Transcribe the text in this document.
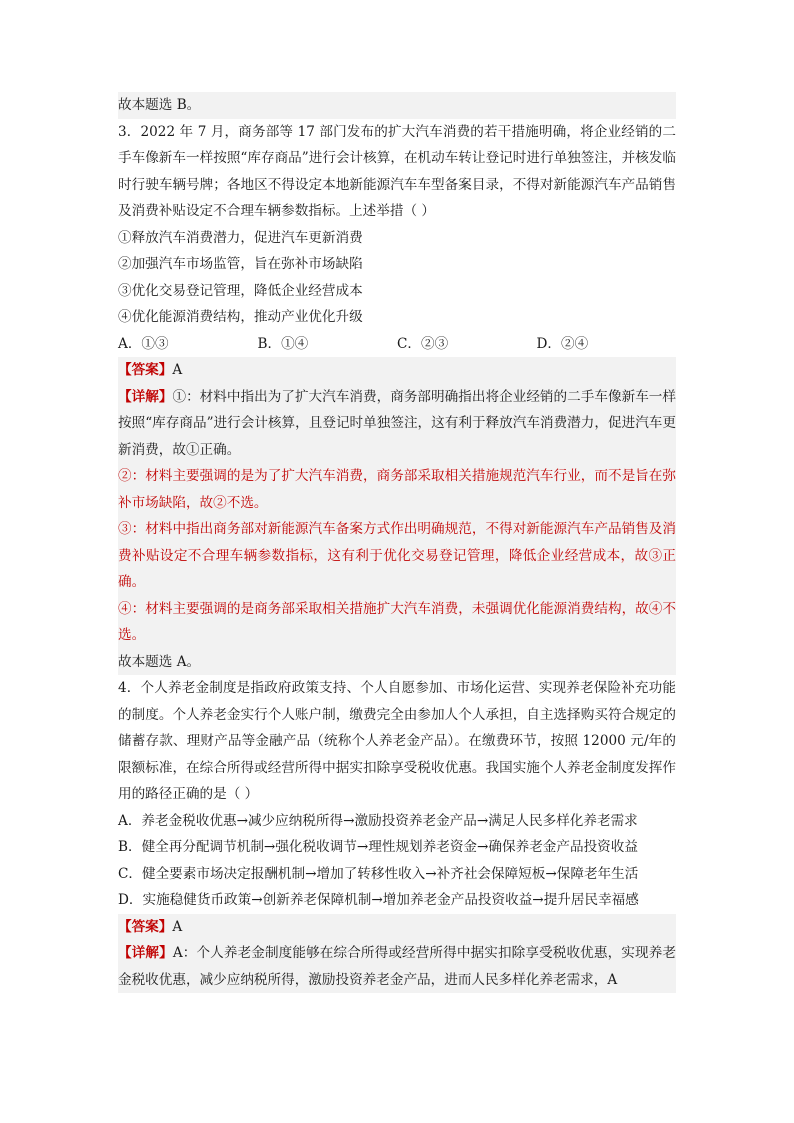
故本题选 B。
3．2022 年 7 月，商务部等 17 部门发布的扩大汽车消费的若干措施明确，将企业经销的二手车像新车一样按照“库存商品”进行会计核算，在机动车转让登记时进行单独签注，并核发临时行驶车辆号牌；各地区不得设定本地新能源汽车车型备案目录，不得对新能源汽车产品销售及消费补贴设定不合理车辆参数指标。上述举措（ ）
①释放汽车消费潜力，促进汽车更新消费
②加强汽车市场监管，旨在弥补市场缺陷
③优化交易登记管理，降低企业经营成本
④优化能源消费结构，推动产业优化升级
A．①③	B．①④	C．②③	D．②④
【答案】A
【详解】①：材料中指出为了扩大汽车消费，商务部明确指出将企业经销的二手车像新车一样按照“库存商品”进行会计核算，且登记时单独签注，这有利于释放汽车消费潜力，促进汽车更新消费，故①正确。
②：材料主要强调的是为了扩大汽车消费，商务部采取相关措施规范汽车行业，而不是旨在弥补市场缺陷，故②不选。
③：材料中指出商务部对新能源汽车备案方式作出明确规范，不得对新能源汽车产品销售及消费补贴设定不合理车辆参数指标，这有利于优化交易登记管理，降低企业经营成本，故③正确。
④：材料主要强调的是商务部采取相关措施扩大汽车消费，未强调优化能源消费结构，故④不选。
故本题选 A。
4．个人养老金制度是指政府政策支持、个人自愿参加、市场化运营、实现养老保险补充功能的制度。个人养老金实行个人账户制，缴费完全由参加人个人承担，自主选择购买符合规定的储蓄存款、理财产品等金融产品（统称个人养老金产品）。在缴费环节，按照 12000 元/年的限额标准，在综合所得或经营所得中据实扣除享受税收优惠。我国实施个人养老金制度发挥作用的路径正确的是（ ）
A．养老金税收优惠→减少应纳税所得→激励投资养老金产品→满足人民多样化养老需求
B．健全再分配调节机制→强化税收调节→理性规划养老资金→确保养老金产品投资收益
C．健全要素市场决定报酬机制→增加了转移性收入→补齐社会保障短板→保障老年生活
D．实施稳健货币政策→创新养老保障机制→增加养老金产品投资收益→提升居民幸福感
【答案】A
【详解】A：个人养老金制度能够在综合所得或经营所得中据实扣除享受税收优惠，实现养老金税收优惠，减少应纳税所得，激励投资养老金产品，进而人民多样化养老需求，A
